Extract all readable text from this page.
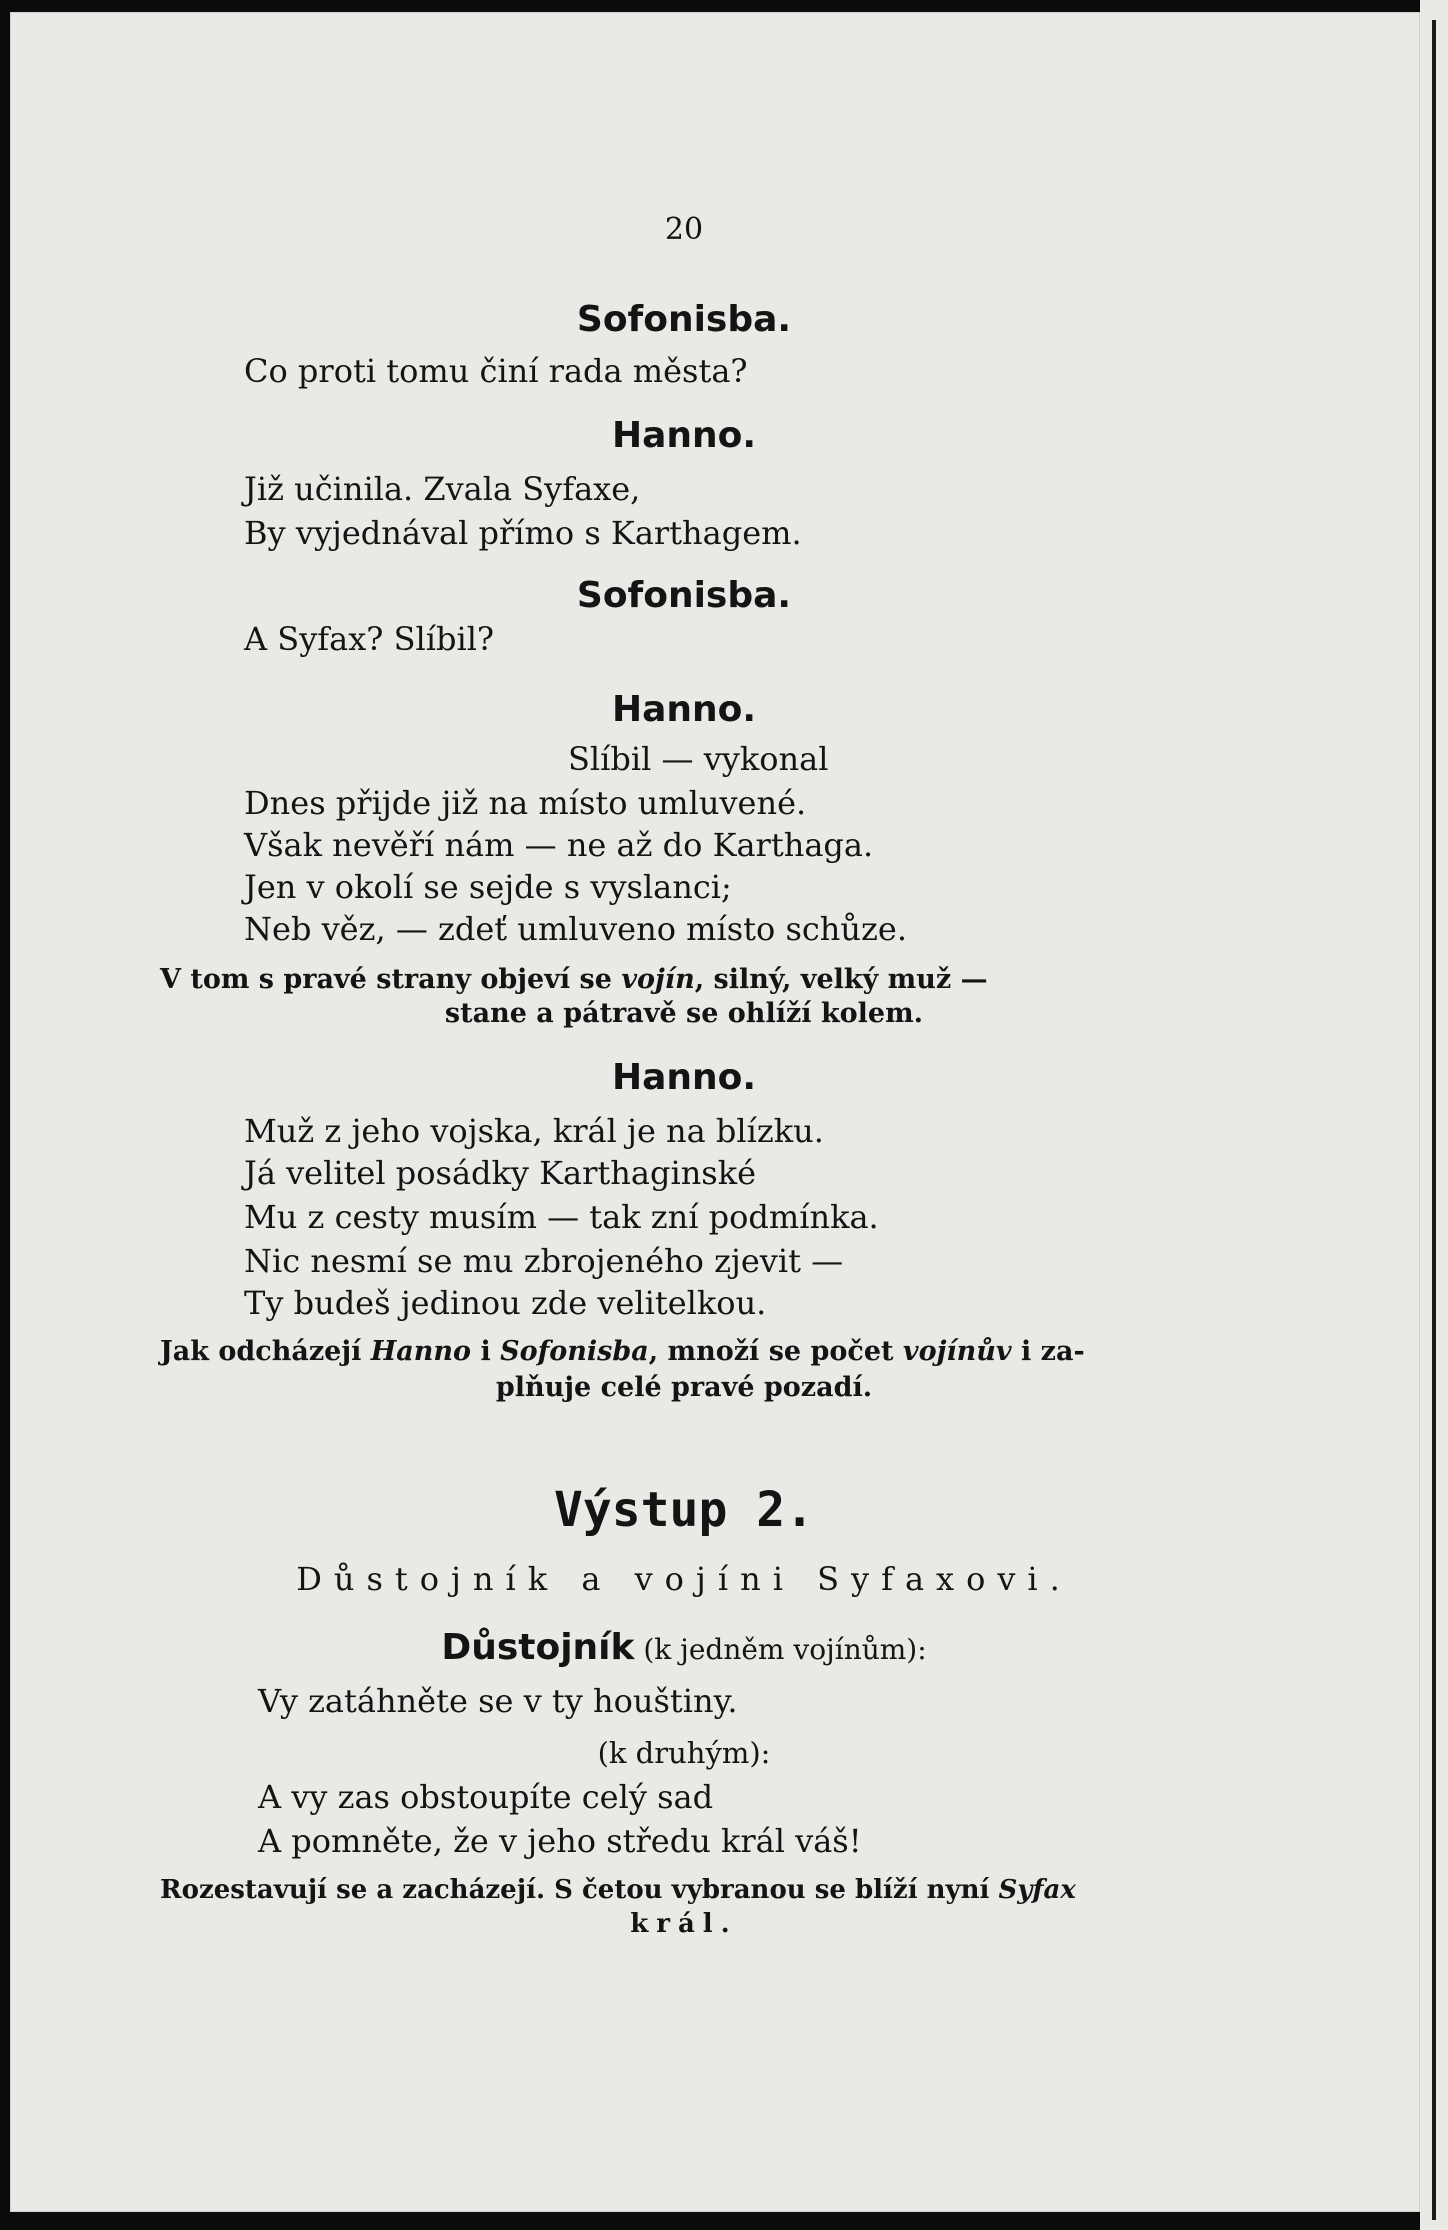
20
Sofonisba.
Co proti tomu činí rada města?
Hanno.
Již učinila. Zvala Syfaxe,
By vyjednával přímo s Karthagem.
Sofonisba.
A Syfax? Slíbil?
Hanno.
Slíbil — vykonal
Dnes přijde již na místo umluvené.
Však nevěří nám — ne až do Karthaga.
Jen v okolí se sejde s vyslanci;
Neb věz, — zdeť umluveno místo schůze.
V tom s pravé strany objeví se vojín, silný, velký muž —
stane a pátravě se ohlíží kolem.
Hanno.
Muž z jeho vojska, král je na blízku.
Já velitel posádky Karthaginské
Mu z cesty musím — tak zní podmínka.
Nic nesmí se mu zbrojeného zjevit —
Ty budeš jedinou zde velitelkou.
Jak odcházejí Hanno i Sofonisba, množí se počet vojínův i za-
plňuje celé pravé pozadí.
Výstup 2.
Důstojník a vojíni Syfaxovi.
Důstojník (k jedněm vojínům):
Vy zatáhněte se v ty houštiny.
(k druhým):
A vy zas obstoupíte celý sad
A pomněte, že v jeho středu král váš!
Rozestavují se a zacházejí. S četou vybranou se blíží nyní Syfax
král.
